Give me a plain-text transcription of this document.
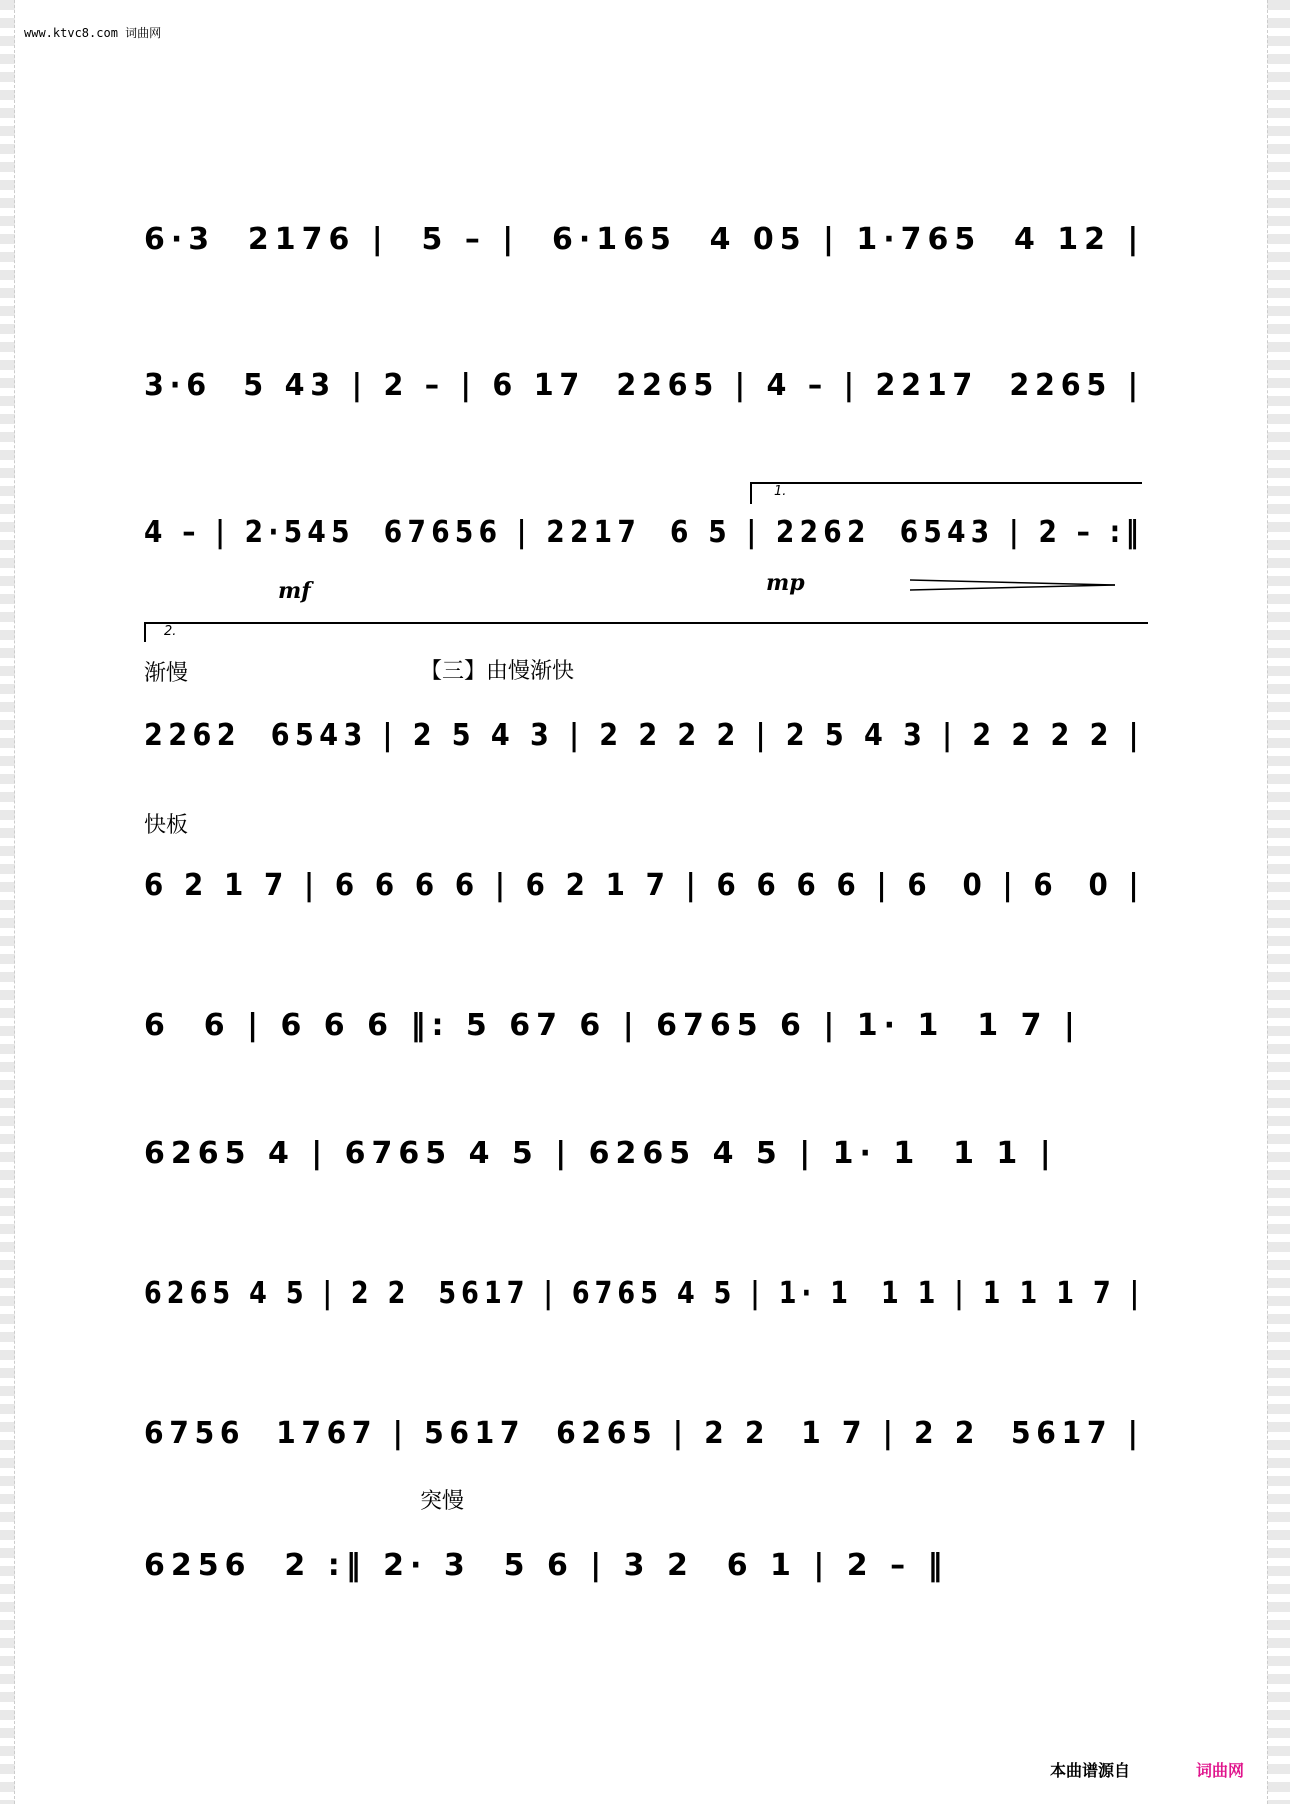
www.ktvc8.com 词曲网
6·3  2176 |  5 – |  6·165  4 05 | 1·765  4 12 |
3·6  5 43 | 2 – | 6 17  2265 | 4 – | 2217  2265 |
4 – | 2·545  67656 | 2217  6 5 | 2262  6543 | 2 – :‖
1.
mf	mp
2.
渐慢	【三】由慢渐快
2262  6543 | 2 5 4 3 | 2 2 2 2 | 2 5 4 3 | 2 2 2 2 |
快板
6 2 1 7 | 6 6 6 6 | 6 2 1 7 | 6 6 6 6 | 6  0 | 6  0 |
6  6 | 6 6 6 ‖: 5 67 6 | 6765 6 | 1· 1  1 7 |
6265 4 | 6765 4 5 | 6265 4 5 | 1· 1  1 1 |
6265 4 5 | 2 2  5617 | 6765 4 5 | 1· 1  1 1 | 1 1 1 7 |
6756  1767 | 5617  6265 | 2 2  1 7 | 2 2  5617 |
突慢
6256  2 :‖ 2· 3  5 6 | 3 2  6 1 | 2 – ‖
本曲谱源自	词曲网
